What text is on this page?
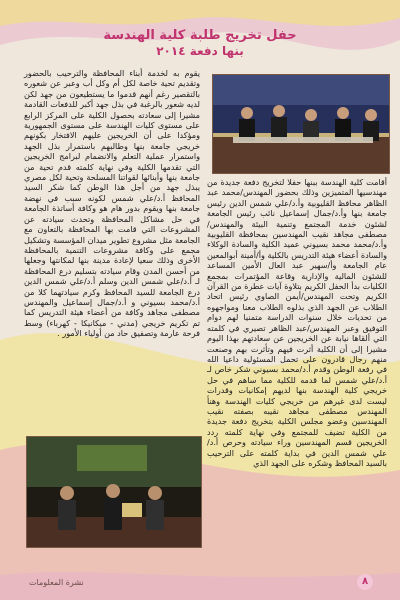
حفل تخريج طلبة كلية الهندسة
بنها دفعة ٢٠١٤

يقوم به لخدمة أبناء المحافظة والترحيب بالحضور وتقديم تحية خاصة لكل أم وكل أب وعبر عن شعوره بالتقصير رغم أنهم قدموا ما يستطيعون من جهد لكن لديه شعور بالرغبة في بذل جهد أكبر للدفعات القادمة مشيرا إلى سعادته بحصول الكلية على المركز الرابع على مستوى كليات الهندسة على مستوى الجمهورية ومؤكدا على أن الخريجين عليهم الافتخار بكونهم خريجي جامعة بنها وطالبهم باستمرار بذل الجهد واستمرار عملية التعلم والانضمام لبرامج الخريجين التي تقدمها الكلية وفي نهاية كلمته قدم تحية من جامعة بنها وأبنائها لقواتنا المسلحة وتحية لكل مصري يبذل جهد من أجل هذا الوطن كما شكر السيد المحافظ أ.د/علي شمس لكونه سبب في نهضة جامعة بنها ويقوم بدور هام هو وكافة أساتذة الجامعة في حل مشاكل المحافظة وتحدث سيادته عن المشروعات التي قامت بها المحافظة بالتعاون مع الجامعة مثل مشروع تطوير ميدان المؤسسة وتشكيل مجمع على وكافة مشروعات التنمية بالمحافظة الأخرى وذلك سعيا لإعادة مدينة بنها لمكانتها وجعلها من أحسن المدن وقام سيادته بتسليم درع المحافظة لـ أ.د/علي شمس الدين وسلم أ.د/علي شمس الدين درع الجامعة للسيد المحافظ وكرم سيادتهما كلا من أ.د/محمد بسيوني و أ.د/جمال إسماعيل والمهندس مصطفى مجاهد وكافة من أعضاء هيئة التدريس كما تم تكريم خريجي (مدني - ميكانيكا - كهرباء) وسط فرحة عارمة وتصفيق حاد من أولياء الأمور .

أقامت كلية الهندسة ببنها حفلا لتخريج دفعة جديدة من مهندسيها المتميزين وذلك بحضور المهندس/محمد عبد الظاهر محافظ القليوبية وأ.د/علي شمس الدين رئيس جامعة بنها وأ.د/جمال إسماعيل نائب رئيس الجامعة لشئون خدمة المجتمع وتنمية البيئة والمهندس/مصطفى مجاهد نقيب المهندسين بمحافظة القليوبية وأ.د/محمد محمد بسيوني عميد الكلية والسادة الوكلاء والسادة أعضاء هيئة التدريس بالكلية وأ/أمينة أبوالمعين عام الجامعة وأ/سهير عبد العال الأمين المساعد للشئون المالية والإدارية وقاعة المؤتمرات بمجمع الكليات بدأ الحفل الكريم بتلاوة آيات عطرة من القرآن الكريم وتحت المهندس/أيمن الصاوي رئيس اتحاد الطلاب عن الجهد الذي بذلوه الطلاب معنا ومواجهوه من تحديات خلال سنوات الدراسة متمنيا لهم دوام التوفيق وعبر المهندس/عبد الظاهر تصيري في كلمته التي ألقاها نيابة عن الخريجين عن سعادتهم بهذا اليوم مشيرا إلى أن الكلية أثرت فيهم وتأثرت بهم وصنعت منهم رجال قادرون على تحمل المسئولية داعيا الله في رفعة الوطن وقدم أ.د/محمد بسيوني شكر خاص لـ أ.د/علي شمس لما قدمه للكلية مما ساهم في حل خريجي كلية الهندسة بنها لديهم إمكانيات وقدرات ليست لدى غيرهم من خريجي كليات الهندسة وهنأ المهندس مصطفى مجاهد نقيبه بصفته نقيب المهندسين وعضو مجلس الكلية بتخريج دفعة جديدة من الكلية تضيف للمجتمع وفي نهاية كلمته ردد الخريجين قسم المهندسين وراء سيادته وحرص أ.د/علي شمس الدين في بداية كلمته على الترحيب بالسيد المحافظ وشكره على الجهد الذي

نشرة المعلومات	٨
